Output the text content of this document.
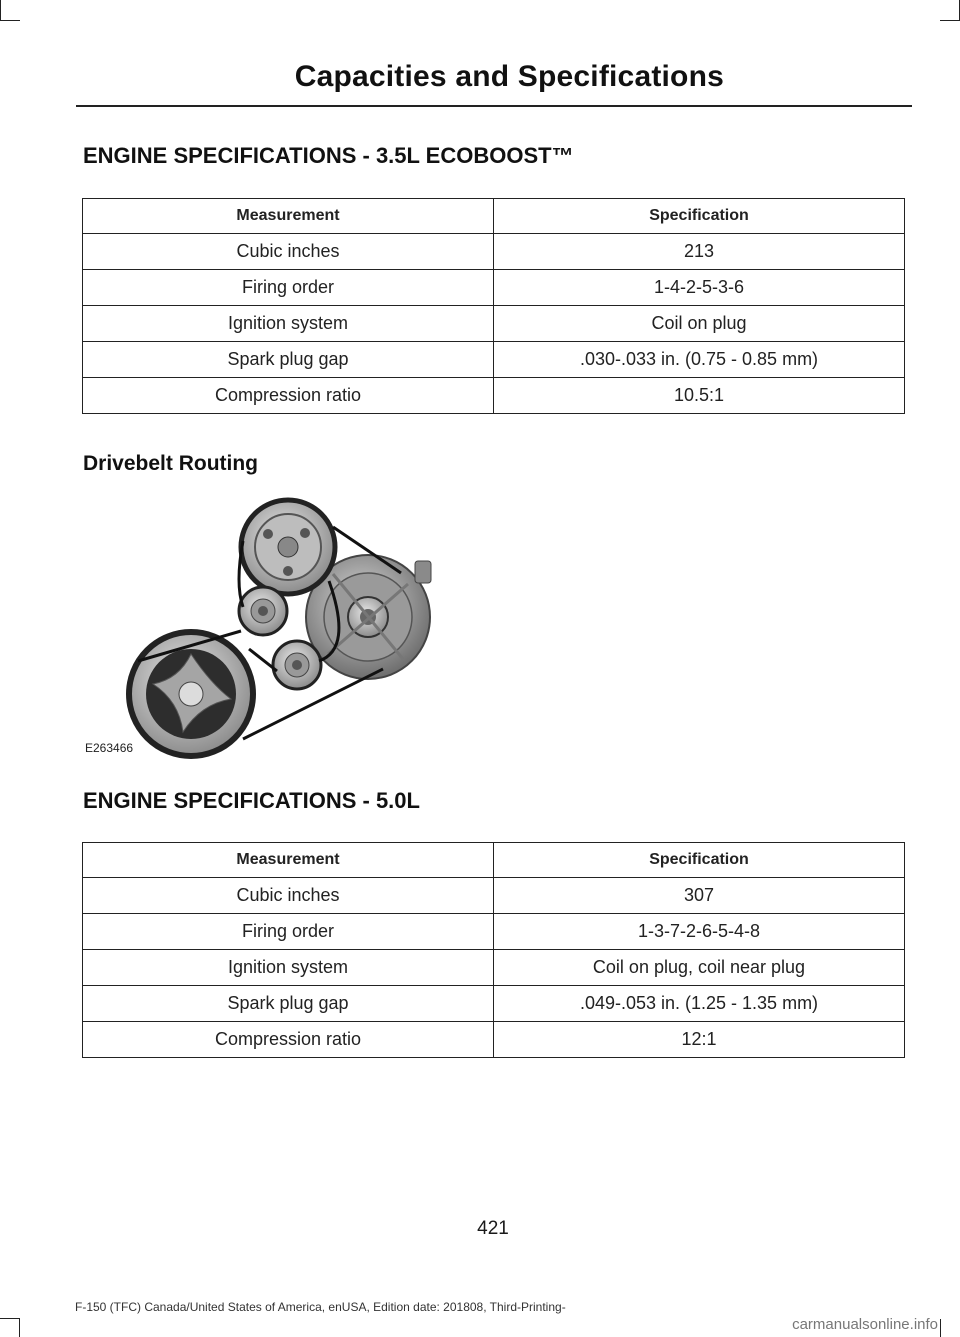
Capacities and Specifications
ENGINE SPECIFICATIONS - 3.5L ECOBOOST™
Measurement	Specification
Cubic inches	213
Firing order	1-4-2-5-3-6
Ignition system	Coil on plug
Spark plug gap	.030-.033 in. (0.75 - 0.85 mm)
Compression ratio	10.5:1
Drivebelt Routing
E263466
ENGINE SPECIFICATIONS - 5.0L
Measurement	Specification
Cubic inches	307
Firing order	1-3-7-2-6-5-4-8
Ignition system	Coil on plug, coil near plug
Spark plug gap	.049-.053 in. (1.25 - 1.35 mm)
Compression ratio	12:1
421
F-150 (TFC) Canada/United States of America, enUSA, Edition date: 201808, Third-Printing-
carmanualsonline.info
